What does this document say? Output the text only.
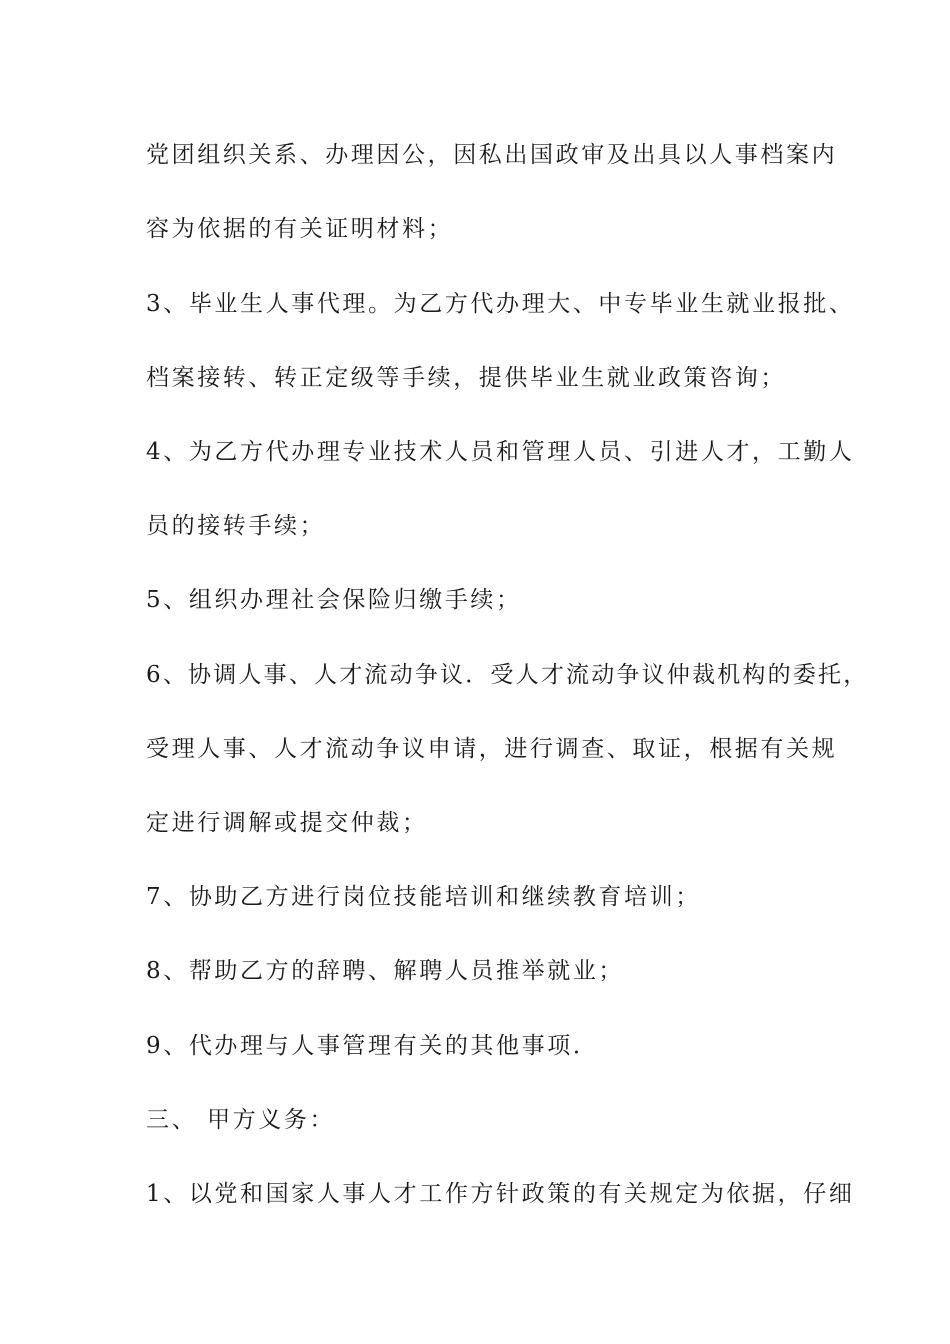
党团组织关系、办理因公，因私出国政审及出具以人事档案内
容为依据的有关证明材料；
3、毕业生人事代理。为乙方代办理大、中专毕业生就业报批、
档案接转、转正定级等手续，提供毕业生就业政策咨询；
4、为乙方代办理专业技术人员和管理人员、引进人才，工勤人
员的接转手续；
5、组织办理社会保险归缴手续；
6、协调人事、人才流动争议．受人才流动争议仲裁机构的委托，
受理人事、人才流动争议申请，进行调查、取证，根据有关规
定进行调解或提交仲裁；
7、协助乙方进行岗位技能培训和继续教育培训；
8、帮助乙方的辞聘、解聘人员推举就业；
9、代办理与人事管理有关的其他事项．
三、 甲方义务：
1、以党和国家人事人才工作方针政策的有关规定为依据，仔细
